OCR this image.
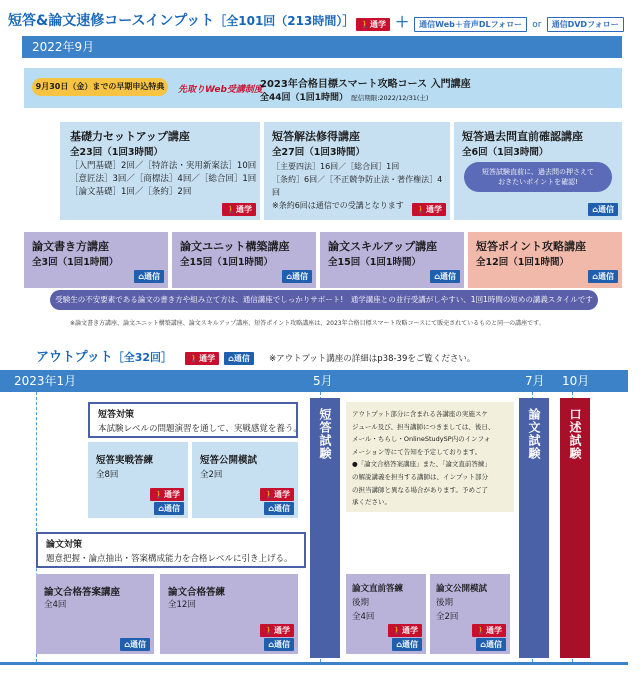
短答&論文速修コースインプット［全101回（213時間）］ 🚶通学 ＋ 通信Web＋音声DLフォロー or 通信DVDフォロー
2022年9月
9月30日（金）までの早期申込特典	先取りWeb受講制度
2023年合格目標スマート攻略コース 入門講座
全44回（1回1時間） 配信期限:2022/12/31(土)
基礎力セットアップ講座
全23回（1回3時間）
［入門基礎］2回／［特許法・実用新案法］10回
［意匠法］3回／［商標法］4回／［総合回］1回
［論文基礎］1回／［条約］2回
🚶通学
短答解法修得講座
全27回（1回3時間）
［主要四法］16回／［総合回］1回
［条約］6回／［不正競争防止法・著作権法］4回
※条約6回は通信での受講となります	🚶通学
短答過去問直前確認講座
全6回（1回3時間）
短答試験直前に、過去問の押さえて
おきたいポイントを確認!
⌂通信
論文書き方講座
全3回（1回1時間）
⌂通信
論文ユニット構築講座
全15回（1回1時間）
⌂通信
論文スキルアップ講座
全15回（1回1時間）
⌂通信
短答ポイント攻略講座
全12回（1回1時間）
⌂通信
受験生の不安要素である論文の書き方や組み立て方は、通信講座でしっかりサポート!　通学講座との並行受講がしやすい、1回1時間の短めの講義スタイルです
※論文書き方講座、論文ユニット構築講座、論文スキルアップ講座、短答ポイント攻略講座は、2023年合格目標スマート攻略コースにて販売されているものと同一の講座です。
アウトプット［全32回］ 🚶通学 ⌂通信 ※アウトプット講座の詳細はp38-39をご覧ください。
2023年1月	5月	7月 10月
短答試験	論文試験 口述試験
短答対策
本試験レベルの問題演習を通して、実戦感覚を養う。
短答実戦答練
全8回
🚶通学
⌂通信
短答公開模試
全2回
🚶通学
⌂通信
アウトプット部分に含まれる各講座の実施スケ
ジュール及び、担当講師につきましては、後日、
メール・ちらし・OnlineStudySP内のインフォ
メーション等にて告知を予定しております。
●「論文合格答案講座」また、「論文直前答練」
の解説講義を担当する講師は、インプット部分
の担当講師と異なる場合があります。予めご了
承ください。
論文対策
題意把握・論点抽出・答案構成能力を合格レベルに引き上げる。
論文合格答案講座
全4回
⌂通信
論文合格答練
全12回
🚶通学
⌂通信
論文直前答練
後期
全4回
🚶通学
⌂通信
論文公開模試
後期
全2回
🚶通学
⌂通信
